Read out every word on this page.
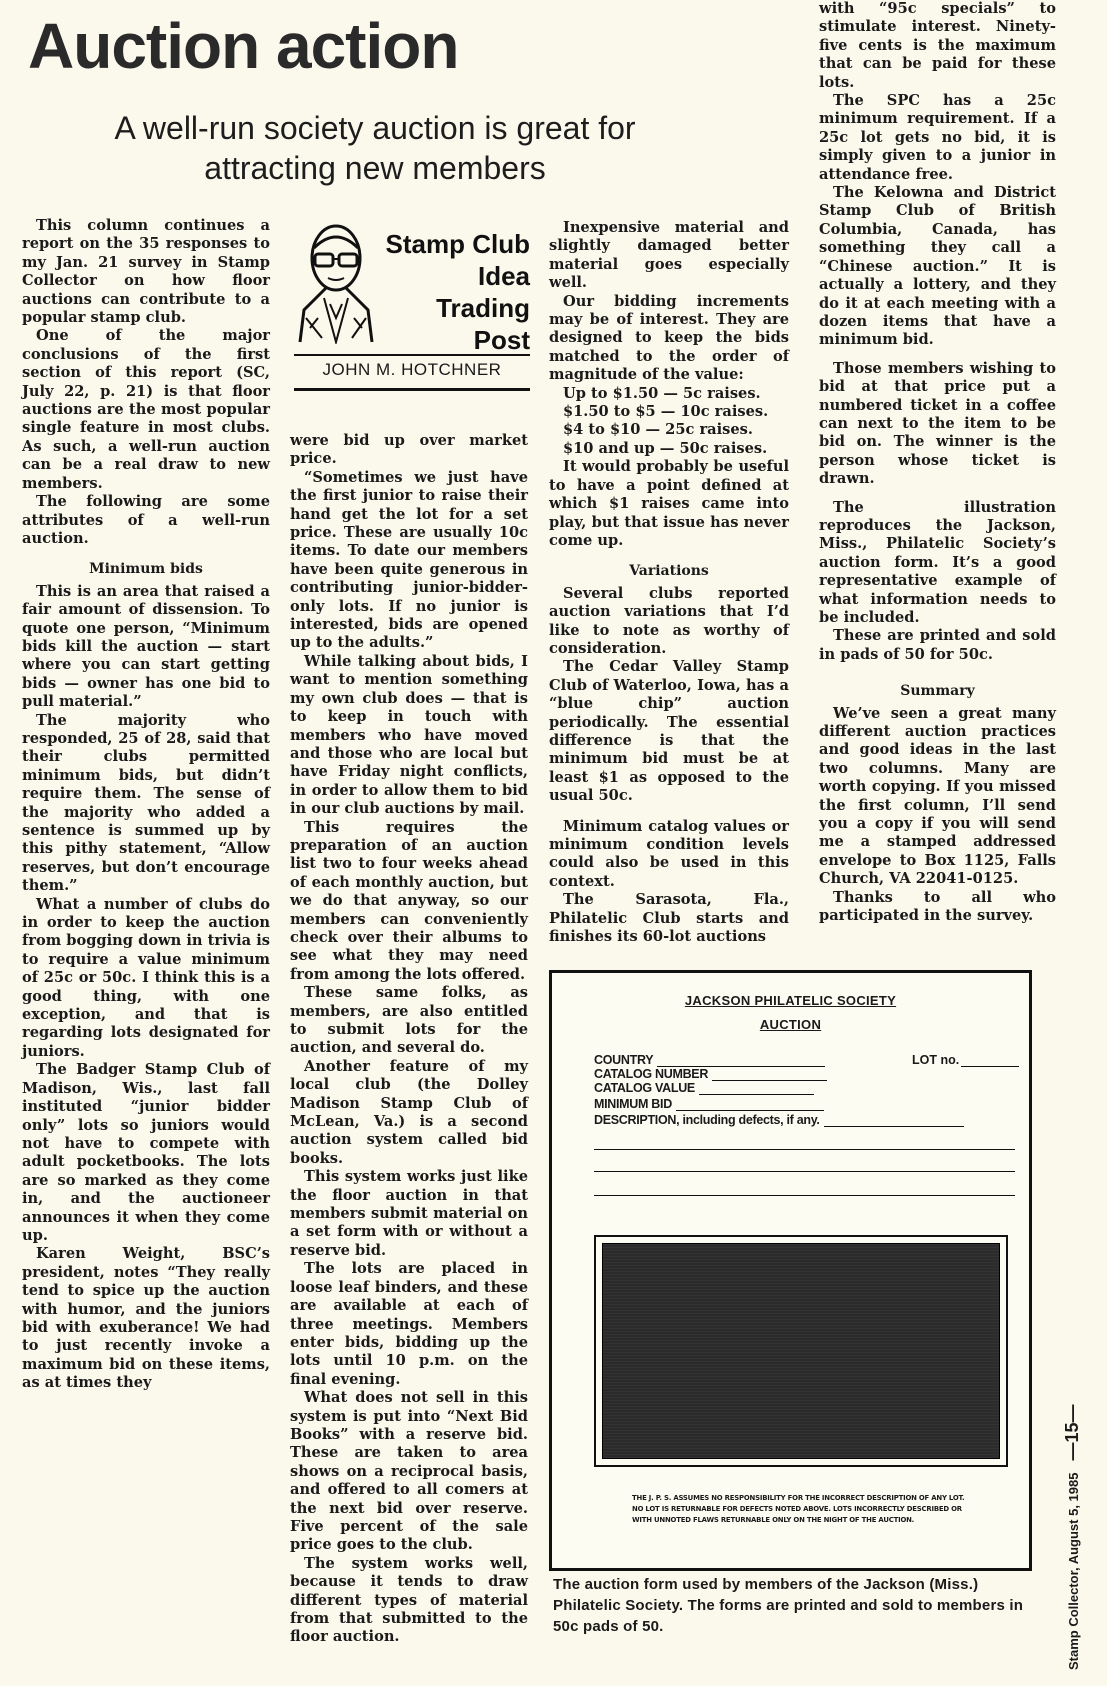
Auction action
A well-run society auction is great for attracting new members
Stamp Club
Idea
Trading
Post
JOHN M. HOTCHNER

This column continues a report on the 35 responses to my Jan. 21 survey in Stamp Collector on how floor auctions can contribute to a popular stamp club.

One of the major conclusions of the first section of this report (SC, July 22, p. 21) is that floor auctions are the most popular single feature in most clubs. As such, a well-run auction can be a real draw to new members.

The following are some attributes of a well-run auction.

Minimum bids

This is an area that raised a fair amount of dissension. To quote one person, “Minimum bids kill the auction — start where you can start getting bids — owner has one bid to pull material.”

The majority who responded, 25 of 28, said that their clubs permitted minimum bids, but didn’t require them. The sense of the majority who added a sentence is summed up by this pithy statement, “Allow reserves, but don’t encourage them.”

What a number of clubs do in order to keep the auction from bogging down in trivia is to require a value minimum of 25c or 50c. I think this is a good thing, with one exception, and that is regarding lots designated for juniors.

The Badger Stamp Club of Madison, Wis., last fall instituted “junior bidder only” lots so juniors would not have to compete with adult pocketbooks. The lots are so marked as they come in, and the auctioneer announces it when they come up.

Karen Weight, BSC’s president, notes “They really tend to spice up the auction with humor, and the juniors bid with exuberance! We had to just recently invoke a maximum bid on these items, as at times they

were bid up over market price.

“Sometimes we just have the first junior to raise their hand get the lot for a set price. These are usually 10c items. To date our members have been quite generous in contributing junior-bidder-only lots. If no junior is interested, bids are opened up to the adults.”

While talking about bids, I want to mention something my own club does — that is to keep in touch with members who have moved and those who are local but have Friday night conflicts, in order to allow them to bid in our club auctions by mail.

This requires the preparation of an auction list two to four weeks ahead of each monthly auction, but we do that anyway, so our members can conveniently check over their albums to see what they may need from among the lots offered.

These same folks, as members, are also entitled to submit lots for the auction, and several do.

Another feature of my local club (the Dolley Madison Stamp Club of McLean, Va.) is a second auction system called bid books.

This system works just like the floor auction in that members submit material on a set form with or without a reserve bid.

The lots are placed in loose leaf binders, and these are available at each of three meetings. Members enter bids, bidding up the lots until 10 p.m. on the final evening.

What does not sell in this system is put into “Next Bid Books” with a reserve bid. These are taken to area shows on a reciprocal basis, and offered to all comers at the next bid over reserve. Five percent of the sale price goes to the club.

The system works well, because it tends to draw different types of material from that submitted to the floor auction.

Inexpensive material and slightly damaged better material goes especially well.

Our bidding increments may be of interest. They are designed to keep the bids matched to the order of magnitude of the value:

Up to $1.50 — 5c raises.

$1.50 to $5 — 10c raises.

$4 to $10 — 25c raises.

$10 and up — 50c raises.

It would probably be useful to have a point defined at which $1 raises came into play, but that issue has never come up.

Variations

Several clubs reported auction variations that I’d like to note as worthy of consideration.

The Cedar Valley Stamp Club of Waterloo, Iowa, has a “blue chip” auction periodically. The essential difference is that the minimum bid must be at least $1 as opposed to the usual 50c.

Minimum catalog values or minimum condition levels could also be used in this context.

The Sarasota, Fla., Philatelic Club starts and finishes its 60-lot auctions

with “95c specials” to stimulate interest. Ninety-five cents is the maximum that can be paid for these lots.

The SPC has a 25c minimum requirement. If a 25c lot gets no bid, it is simply given to a junior in attendance free.

The Kelowna and District Stamp Club of British Columbia, Canada, has something they call a “Chinese auction.” It is actually a lottery, and they do it at each meeting with a dozen items that have a minimum bid.

Those members wishing to bid at that price put a numbered ticket in a coffee can next to the item to be bid on. The winner is the person whose ticket is drawn.

The illustration reproduces the Jackson, Miss., Philatelic Society’s auction form. It’s a good representative example of what information needs to be included.

These are printed and sold in pads of 50 for 50c.

Summary

We’ve seen a great many different auction practices and good ideas in the last two columns. Many are worth copying. If you missed the first column, I’ll send you a copy if you will send me a stamped addressed envelope to Box 1125, Falls Church, VA 22041-0125.

Thanks to all who participated in the survey.

JACKSON PHILATELIC SOCIETY
AUCTION
COUNTRY
CATALOG NUMBER
CATALOG VALUE
MINIMUM BID
DESCRIPTION, including defects, if any.
LOT no.
THE J. P. S. ASSUMES NO RESPONSIBILITY FOR THE INCORRECT DESCRIPTION OF ANY LOT. NO LOT IS RETURNABLE FOR DEFECTS NOTED ABOVE. LOTS INCORRECTLY DESCRIBED OR WITH UNNOTED FLAWS RETURNABLE ONLY ON THE NIGHT OF THE AUCTION.
The auction form used by members of the Jackson (Miss.) Philatelic Society. The forms are printed and sold to members in 50c pads of 50.	Stamp Collector, August 5, 1985—15—
